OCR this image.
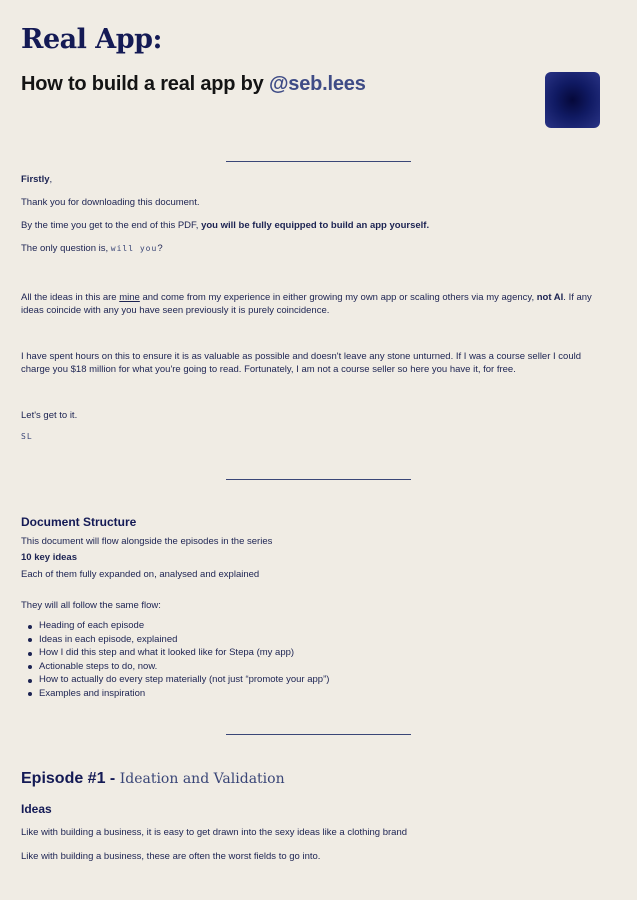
Real App:
How to build a real app by @seb.lees
Firstly,
Thank you for downloading this document.
By the time you get to the end of this PDF, you will be fully equipped to build an app yourself.
The only question is, will you?
All the ideas in this are mine and come from my experience in either growing my own app or scaling others via my agency, not AI. If any ideas coincide with any you have seen previously it is purely coincidence.
I have spent hours on this to ensure it is as valuable as possible and doesn't leave any stone unturned. If I was a course seller I could charge you $18 million for what you're going to read. Fortunately, I am not a course seller so here you have it, for free.
Let's get to it.
SL
Document Structure
This document will flow alongside the episodes in the series
10 key ideas
Each of them fully expanded on, analysed and explained
They will all follow the same flow:
Heading of each episode
Ideas in each episode, explained
How I did this step and what it looked like for Stepa (my app)
Actionable steps to do, now.
How to actually do every step materially (not just “promote your app”)
Examples and inspiration
Episode #1 - Ideation and Validation
Ideas
Like with building a business, it is easy to get drawn into the sexy ideas like a clothing brand
Like with building a business, these are often the worst fields to go into.
